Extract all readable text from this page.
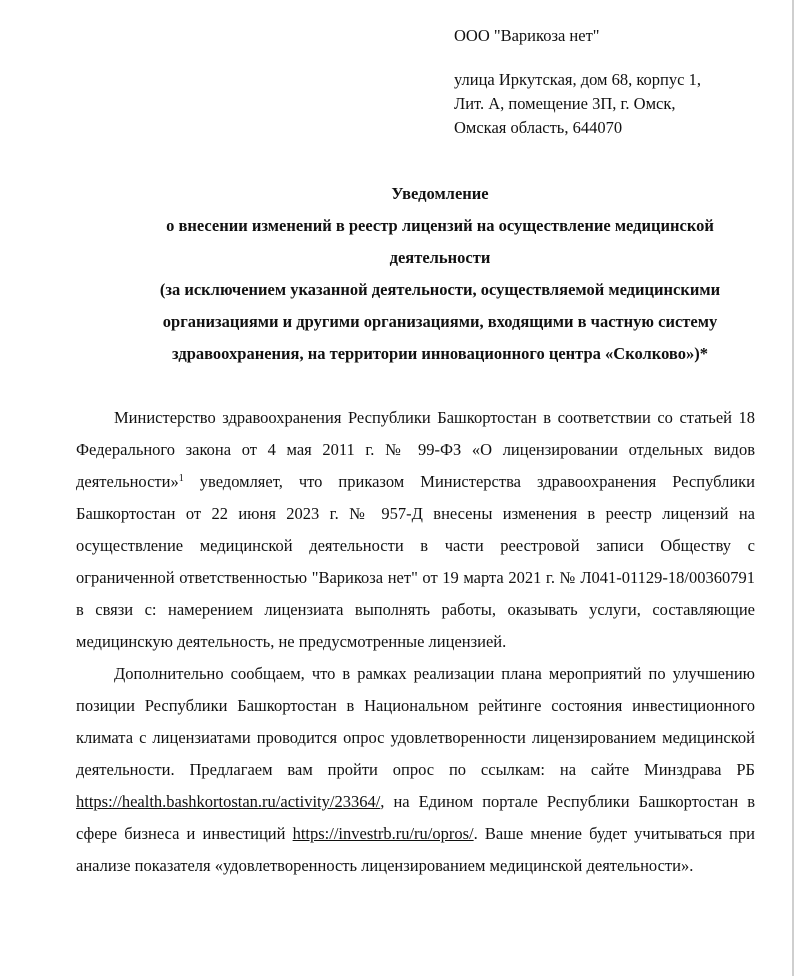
ООО "Варикоза нет"
улица Иркутская, дом 68, корпус 1,
Лит. А, помещение 3П, г. Омск,
Омская область, 644070
Уведомление
о внесении изменений в реестр лицензий на осуществление медицинской
деятельности
(за исключением указанной деятельности, осуществляемой медицинскими
организациями и другими организациями, входящими в частную систему
здравоохранения, на территории инновационного центра «Сколково»)*

Министерство здравоохранения Республики Башкортостан в соответствии со статьей 18 Федерального закона от 4 мая 2011 г. № 99-ФЗ «О лицензировании отдельных видов деятельности»$^1$ уведомляет, что приказом Министерства здравоохранения Республики Башкортостан от 22 июня 2023 г. № 957-Д внесены изменения в реестр лицензий на осуществление медицинской деятельности в части реестровой записи Обществу с ограниченной ответственностью "Варикоза нет" от 19 марта 2021 г. № Л041-01129-18/00360791 в связи с: намерением лицензиата выполнять работы, оказывать услуги, составляющие медицинскую деятельность, не предусмотренные лицензией.

Дополнительно сообщаем, что в рамках реализации плана мероприятий по улучшению позиции Республики Башкортостан в Национальном рейтинге состояния инвестиционного климата с лицензиатами проводится опрос удовлетворенности лицензированием медицинской деятельности. Предлагаем вам пройти опрос по ссылкам: на сайте Минздрава РБ https://health.bashkortostan.ru/activity/23364/, на Едином портале Республики Башкортостан в сфере бизнеса и инвестиций https://investrb.ru/ru/opros/. Ваше мнение будет учитываться при анализе показателя «удовлетворенность лицензированием медицинской деятельности».
